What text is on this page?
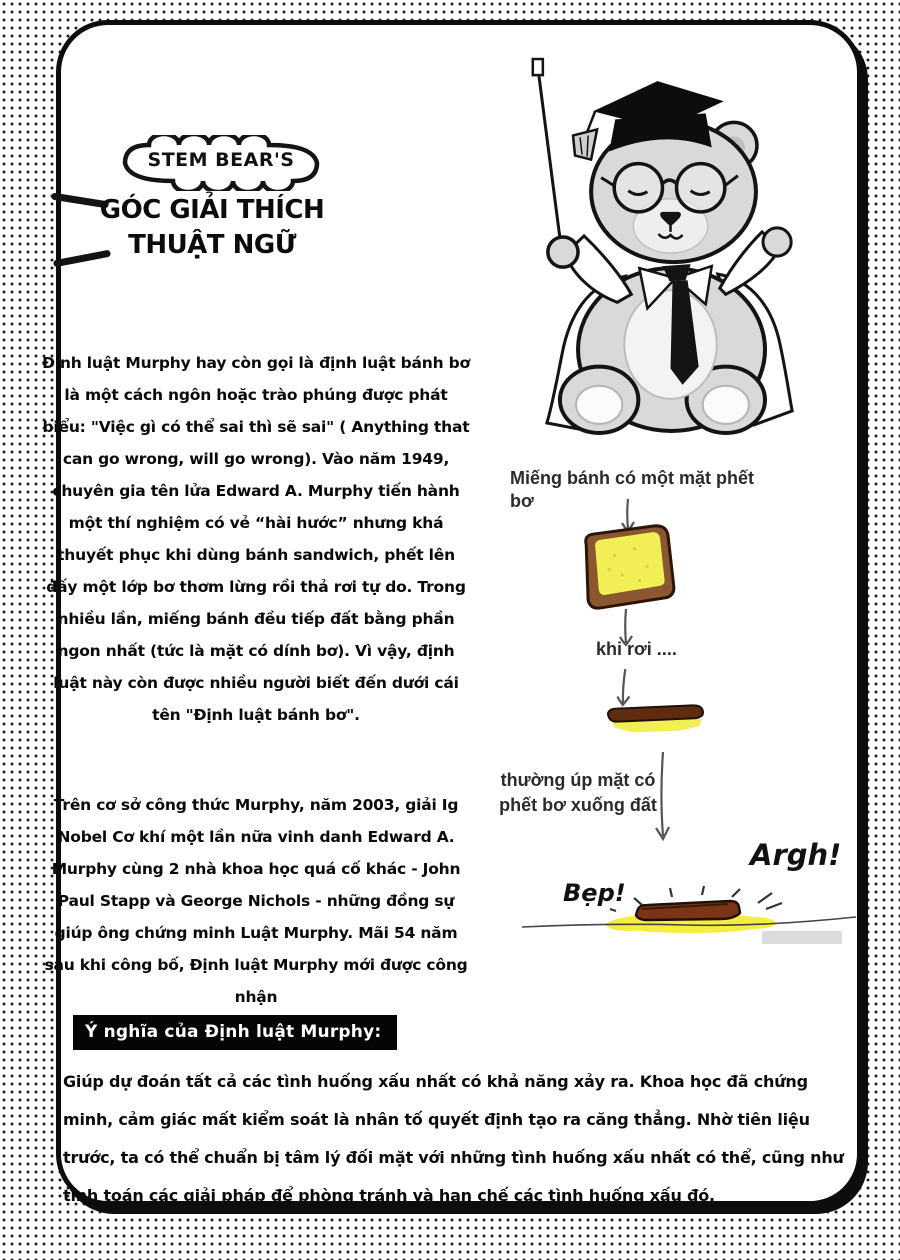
STEM BEAR'S
GÓC GIẢI THÍCH
THUẬT NGỮ

Định luật Murphy hay còn gọi là định luật bánh bơ là một cách ngôn hoặc trào phúng được phát biểu: "Việc gì có thể sai thì sẽ sai" ( Anything that can go wrong, will go wrong). Vào năm 1949, chuyên gia tên lửa Edward A. Murphy tiến hành một thí nghiệm có vẻ “hài hước” nhưng khá thuyết phục khi dùng bánh sandwich, phết lên đấy một lớp bơ thơm lừng rồi thả rơi tự do. Trong nhiều lần, miếng bánh đều tiếp đất bằng phần ngon nhất (tức là mặt có dính bơ). Vì vậy, định luật này còn được nhiều người biết đến dưới cái tên "Định luật bánh bơ".

Trên cơ sở công thức Murphy, năm 2003, giải Ig Nobel Cơ khí một lần nữa vinh danh Edward A. Murphy cùng 2 nhà khoa học quá cố khác - John Paul Stapp và George Nichols - những đồng sự giúp ông chứng minh Luật Murphy. Mãi 54 năm sau khi công bố, Định luật Murphy mới được công nhận

Miếng bánh có một mặt phết bơ
khi rơi ....
thường úp mặt có phết bơ xuống đất
Argh!
Bẹp!
Ý nghĩa của Định luật Murphy:

Giúp dự đoán tất cả các tình huống xấu nhất có khả năng xảy ra. Khoa học đã chứng minh, cảm giác mất kiểm soát là nhân tố quyết định tạo ra căng thẳng. Nhờ tiên liệu trước, ta có thể chuẩn bị tâm lý đối mặt với những tình huống xấu nhất có thể, cũng như tính toán các giải pháp để phòng tránh và hạn chế các tình huống xấu đó.
